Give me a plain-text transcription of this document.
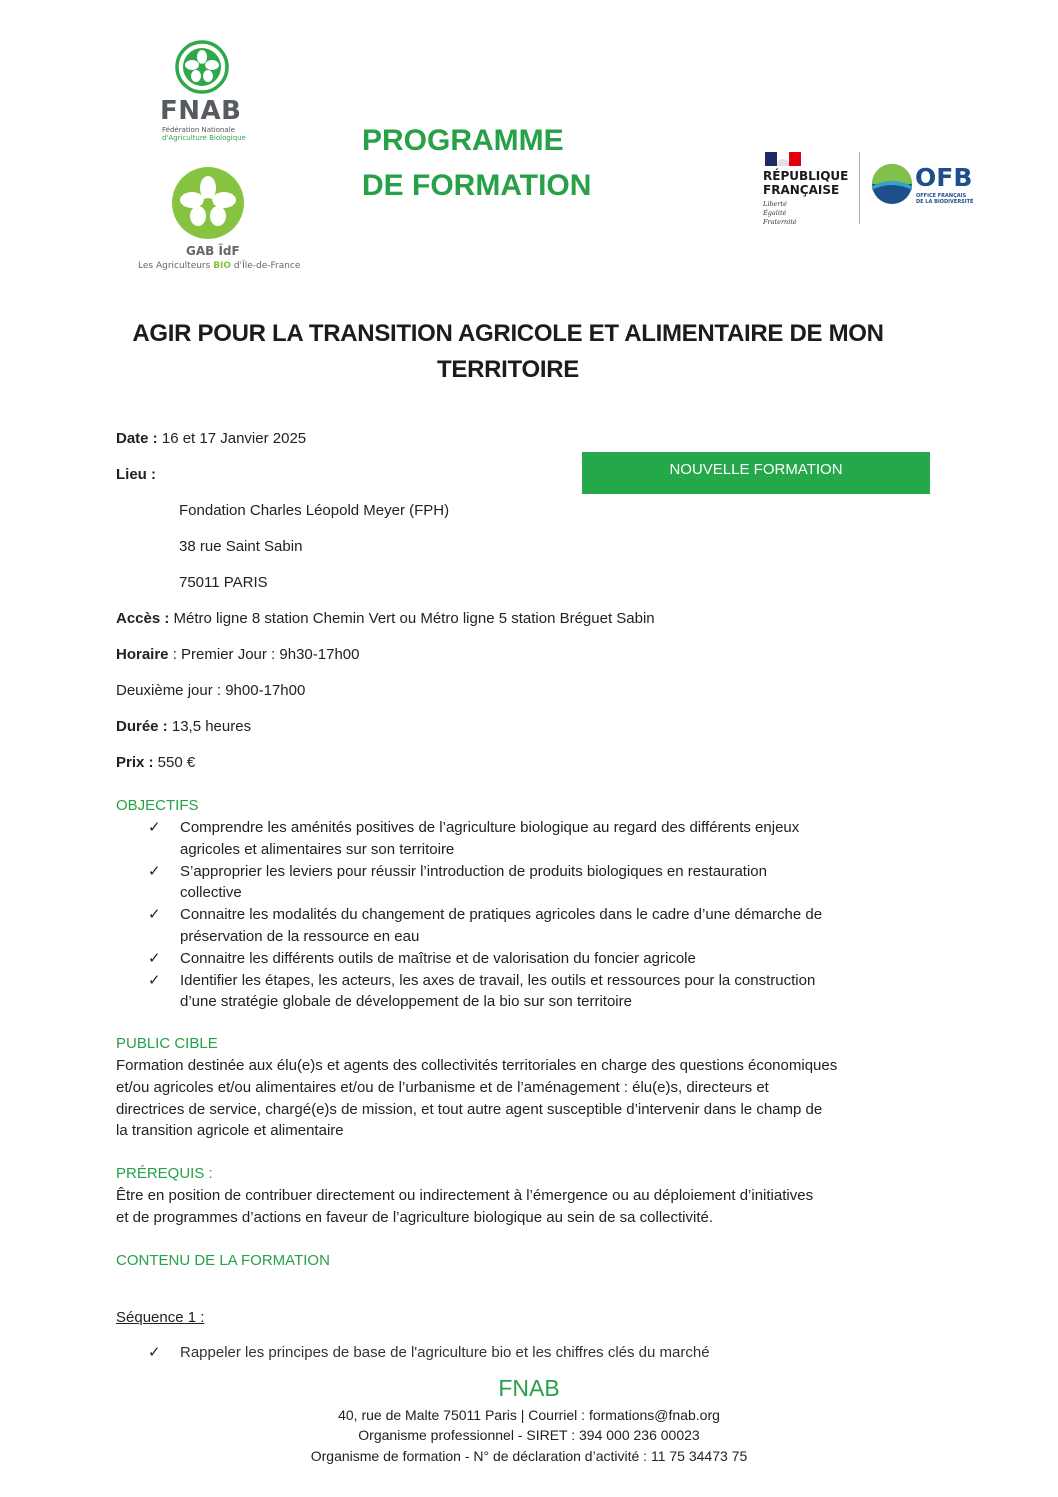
FNAB
Fédération Nationale
d'Agriculture Biologique
GAB ÎdF
Les Agriculteurs BIO d'Île-de-France
RÉPUBLIQUE
FRANÇAISE
Liberté
Égalité
Fraternité
OFB
OFFICE FRANÇAIS
DE LA BIODIVERSITÉ
PROGRAMME
DE FORMATION
AGIR POUR LA TRANSITION AGRICOLE ET ALIMENTAIRE DE MON
TERRITOIRE
NOUVELLE FORMATION
Date : 16 et 17 Janvier 2025
Lieu :
Fondation Charles Léopold Meyer (FPH)
38 rue Saint Sabin
75011 PARIS
Accès : Métro ligne 8 station Chemin Vert ou Métro ligne 5 station Bréguet Sabin
Horaire : Premier Jour : 9h30-17h00
Deuxième jour : 9h00-17h00
Durée : 13,5 heures
Prix : 550 €
OBJECTIFS
✓	Comprendre les aménités positives de l’agriculture biologique au regard des différents enjeux
agricoles et alimentaires sur son territoire
✓	S’approprier les leviers pour réussir l’introduction de produits biologiques en restauration
collective
✓	Connaitre les modalités du changement de pratiques agricoles dans le cadre d’une démarche de
préservation de la ressource en eau
✓	Connaitre les différents outils de maîtrise et de valorisation du foncier agricole
✓	Identifier les étapes, les acteurs, les axes de travail, les outils et ressources pour la construction
d’une stratégie globale de développement de la bio sur son territoire
PUBLIC CIBLE
Formation destinée aux élu(e)s et agents des collectivités territoriales en charge des questions économiques
et/ou agricoles et/ou alimentaires et/ou de l’urbanisme et de l’aménagement : élu(e)s, directeurs et
directrices de service, chargé(e)s de mission, et tout autre agent susceptible d’intervenir dans le champ de
la transition agricole et alimentaire
PRÉREQUIS :
Être en position de contribuer directement ou indirectement à l’émergence ou au déploiement d’initiatives
et de programmes d’actions en faveur de l’agriculture biologique au sein de sa collectivité.
CONTENU DE LA FORMATION
Séquence 1 :
✓ Rappeler les principes de base de l'agriculture bio et les chiffres clés du marché
FNAB
40, rue de Malte 75011 Paris | Courriel : formations@fnab.org
Organisme professionnel - SIRET : 394 000 236 00023
Organisme de formation - N° de déclaration d’activité : 11 75 34473 75
